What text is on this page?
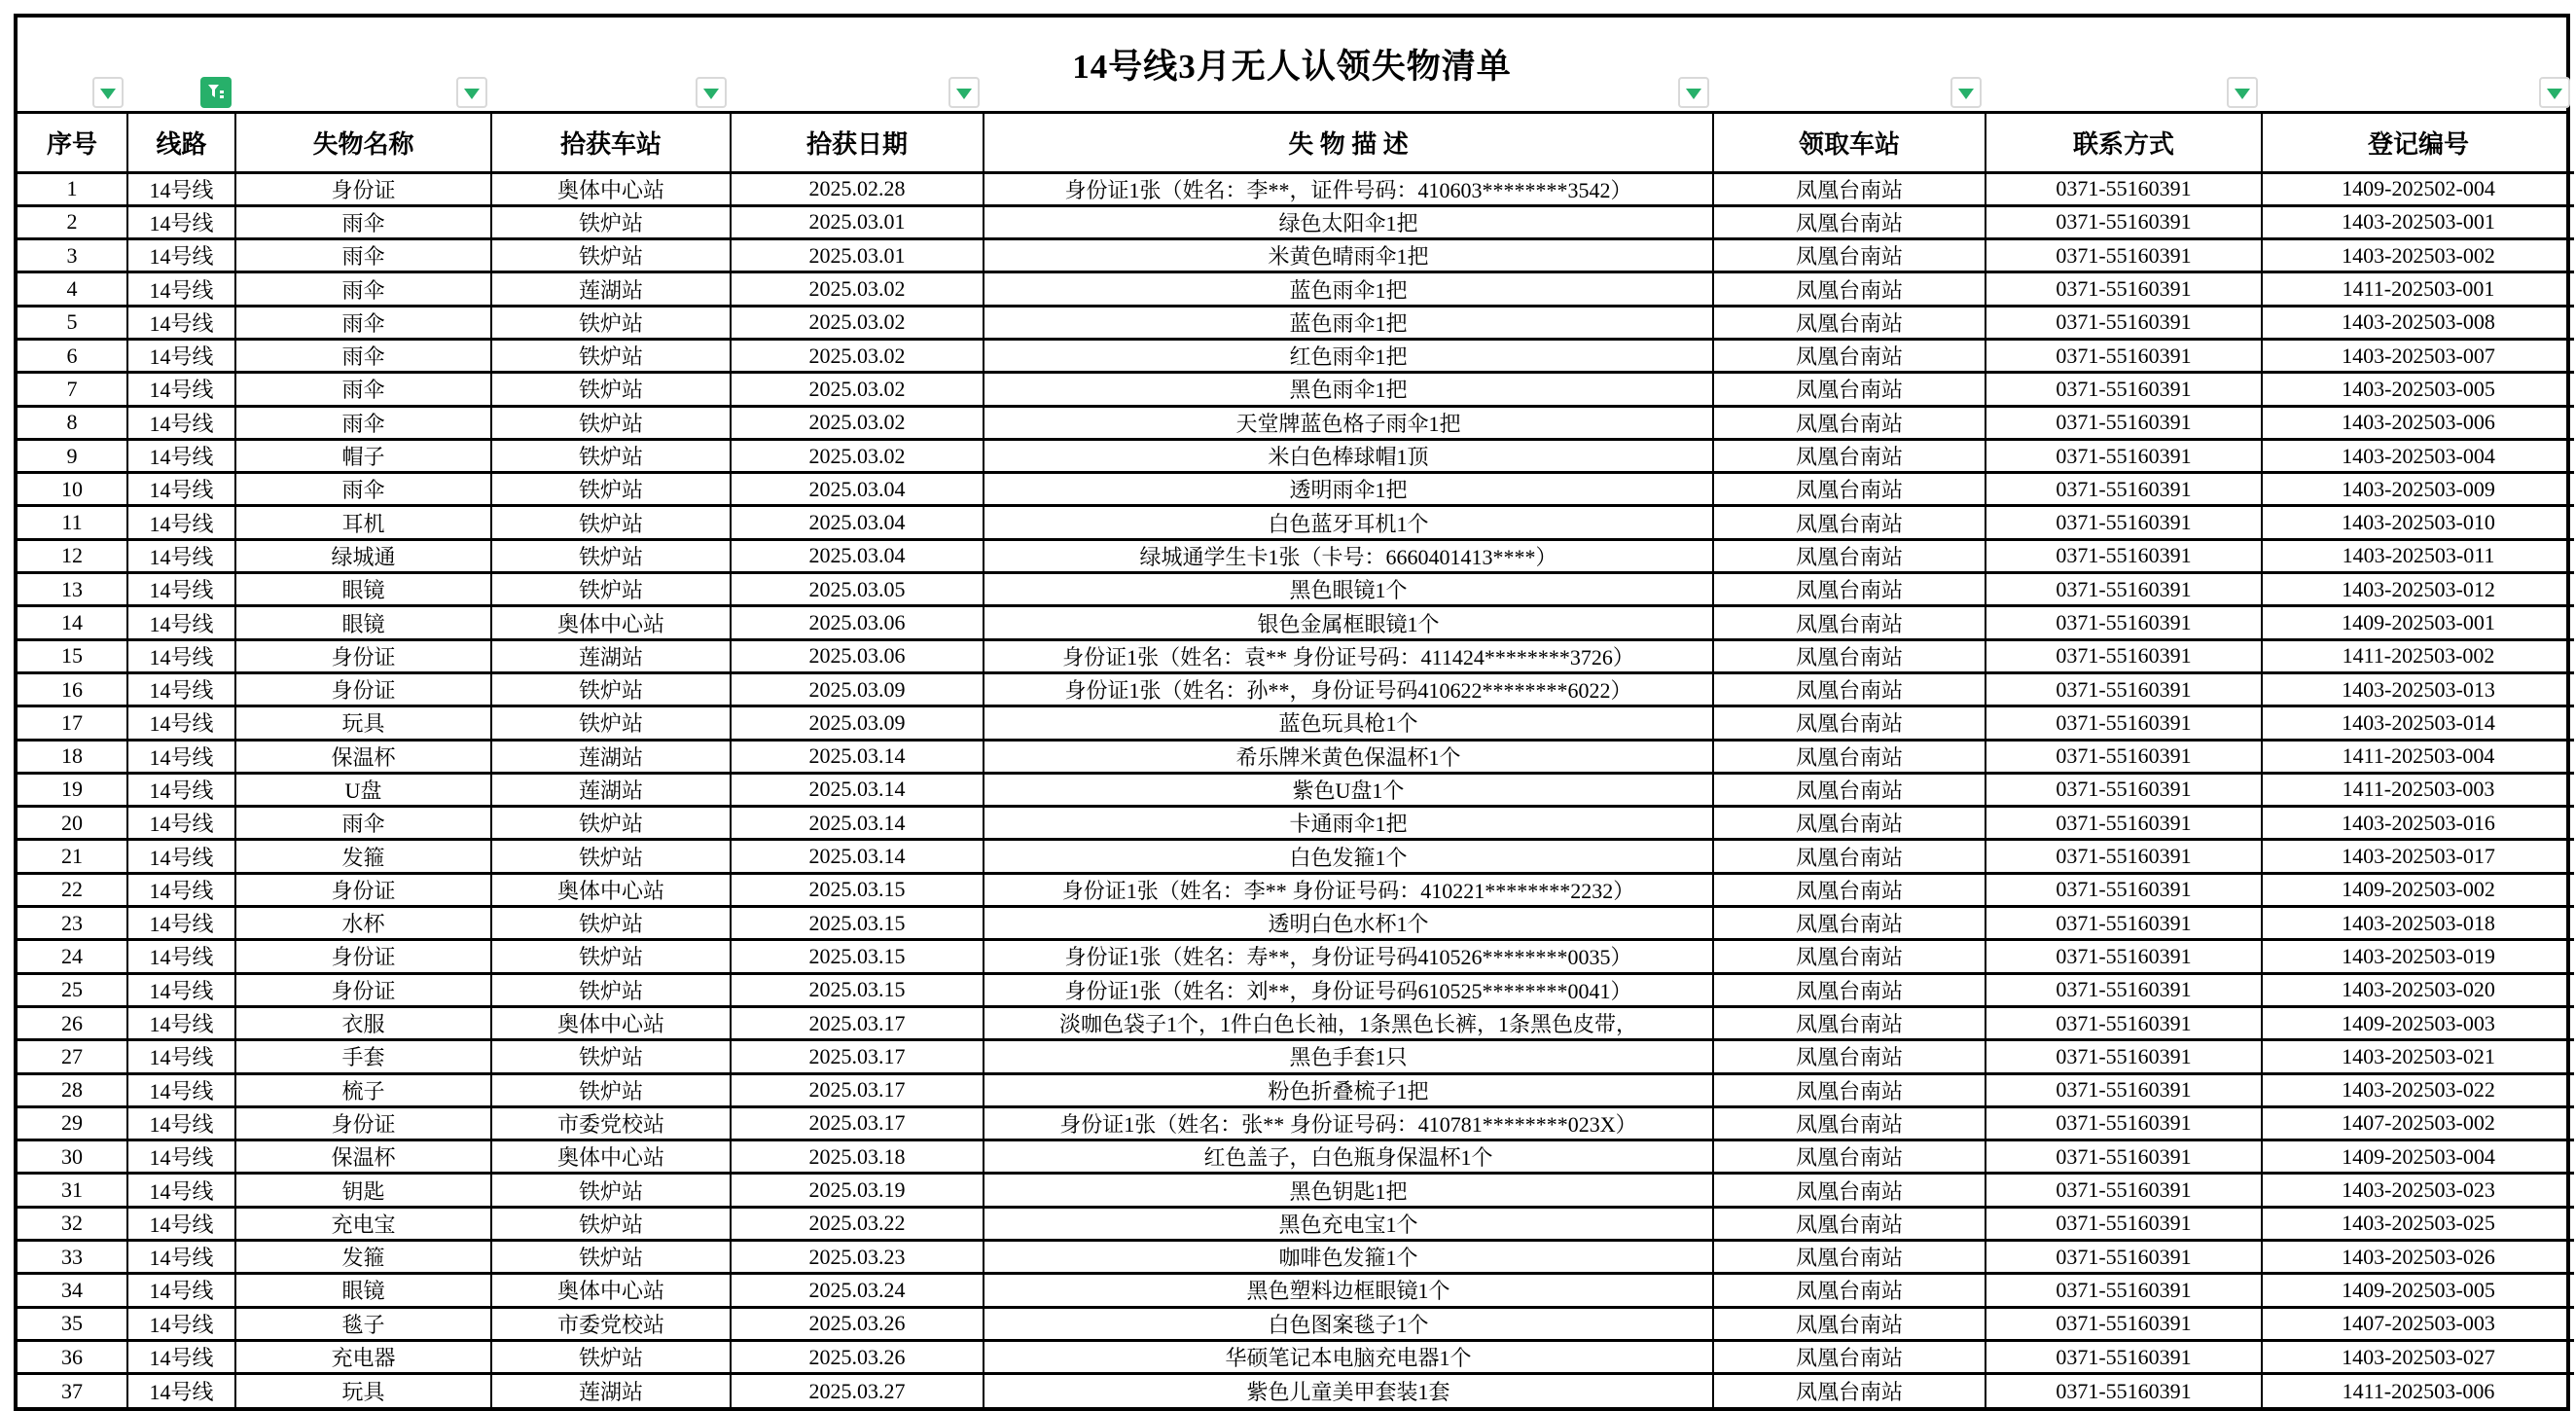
14号线3月无人认领失物清单
序号	线路	失物名称	拾获车站	拾获日期	失 物 描 述	领取车站	联系方式	登记编号
1	14号线	身份证	奥体中心站	2025.02.28	身份证1张（姓名：李**，证件号码：410603********3542）	凤凰台南站	0371-55160391	1409-202502-004
2	14号线	雨伞	铁炉站	2025.03.01	绿色太阳伞1把	凤凰台南站	0371-55160391	1403-202503-001
3	14号线	雨伞	铁炉站	2025.03.01	米黄色晴雨伞1把	凤凰台南站	0371-55160391	1403-202503-002
4	14号线	雨伞	莲湖站	2025.03.02	蓝色雨伞1把	凤凰台南站	0371-55160391	1411-202503-001
5	14号线	雨伞	铁炉站	2025.03.02	蓝色雨伞1把	凤凰台南站	0371-55160391	1403-202503-008
6	14号线	雨伞	铁炉站	2025.03.02	红色雨伞1把	凤凰台南站	0371-55160391	1403-202503-007
7	14号线	雨伞	铁炉站	2025.03.02	黑色雨伞1把	凤凰台南站	0371-55160391	1403-202503-005
8	14号线	雨伞	铁炉站	2025.03.02	天堂牌蓝色格子雨伞1把	凤凰台南站	0371-55160391	1403-202503-006
9	14号线	帽子	铁炉站	2025.03.02	米白色棒球帽1顶	凤凰台南站	0371-55160391	1403-202503-004
10	14号线	雨伞	铁炉站	2025.03.04	透明雨伞1把	凤凰台南站	0371-55160391	1403-202503-009
11	14号线	耳机	铁炉站	2025.03.04	白色蓝牙耳机1个	凤凰台南站	0371-55160391	1403-202503-010
12	14号线	绿城通	铁炉站	2025.03.04	绿城通学生卡1张（卡号：6660401413****）	凤凰台南站	0371-55160391	1403-202503-011
13	14号线	眼镜	铁炉站	2025.03.05	黑色眼镜1个	凤凰台南站	0371-55160391	1403-202503-012
14	14号线	眼镜	奥体中心站	2025.03.06	银色金属框眼镜1个	凤凰台南站	0371-55160391	1409-202503-001
15	14号线	身份证	莲湖站	2025.03.06	身份证1张（姓名：袁** 身份证号码：411424********3726）	凤凰台南站	0371-55160391	1411-202503-002
16	14号线	身份证	铁炉站	2025.03.09	身份证1张（姓名：孙**，身份证号码410622********6022）	凤凰台南站	0371-55160391	1403-202503-013
17	14号线	玩具	铁炉站	2025.03.09	蓝色玩具枪1个	凤凰台南站	0371-55160391	1403-202503-014
18	14号线	保温杯	莲湖站	2025.03.14	希乐牌米黄色保温杯1个	凤凰台南站	0371-55160391	1411-202503-004
19	14号线	U盘	莲湖站	2025.03.14	紫色U盘1个	凤凰台南站	0371-55160391	1411-202503-003
20	14号线	雨伞	铁炉站	2025.03.14	卡通雨伞1把	凤凰台南站	0371-55160391	1403-202503-016
21	14号线	发箍	铁炉站	2025.03.14	白色发箍1个	凤凰台南站	0371-55160391	1403-202503-017
22	14号线	身份证	奥体中心站	2025.03.15	身份证1张（姓名：李** 身份证号码：410221********2232）	凤凰台南站	0371-55160391	1409-202503-002
23	14号线	水杯	铁炉站	2025.03.15	透明白色水杯1个	凤凰台南站	0371-55160391	1403-202503-018
24	14号线	身份证	铁炉站	2025.03.15	身份证1张（姓名：寿**，身份证号码410526********0035）	凤凰台南站	0371-55160391	1403-202503-019
25	14号线	身份证	铁炉站	2025.03.15	身份证1张（姓名：刘**，身份证号码610525********0041）	凤凰台南站	0371-55160391	1403-202503-020
26	14号线	衣服	奥体中心站	2025.03.17	淡咖色袋子1个，1件白色长袖，1条黑色长裤，1条黑色皮带，	凤凰台南站	0371-55160391	1409-202503-003
27	14号线	手套	铁炉站	2025.03.17	黑色手套1只	凤凰台南站	0371-55160391	1403-202503-021
28	14号线	梳子	铁炉站	2025.03.17	粉色折叠梳子1把	凤凰台南站	0371-55160391	1403-202503-022
29	14号线	身份证	市委党校站	2025.03.17	身份证1张（姓名：张** 身份证号码：410781********023X）	凤凰台南站	0371-55160391	1407-202503-002
30	14号线	保温杯	奥体中心站	2025.03.18	红色盖子，白色瓶身保温杯1个	凤凰台南站	0371-55160391	1409-202503-004
31	14号线	钥匙	铁炉站	2025.03.19	黑色钥匙1把	凤凰台南站	0371-55160391	1403-202503-023
32	14号线	充电宝	铁炉站	2025.03.22	黑色充电宝1个	凤凰台南站	0371-55160391	1403-202503-025
33	14号线	发箍	铁炉站	2025.03.23	咖啡色发箍1个	凤凰台南站	0371-55160391	1403-202503-026
34	14号线	眼镜	奥体中心站	2025.03.24	黑色塑料边框眼镜1个	凤凰台南站	0371-55160391	1409-202503-005
35	14号线	毯子	市委党校站	2025.03.26	白色图案毯子1个	凤凰台南站	0371-55160391	1407-202503-003
36	14号线	充电器	铁炉站	2025.03.26	华硕笔记本电脑充电器1个	凤凰台南站	0371-55160391	1403-202503-027
37	14号线	玩具	莲湖站	2025.03.27	紫色儿童美甲套装1套	凤凰台南站	0371-55160391	1411-202503-006
